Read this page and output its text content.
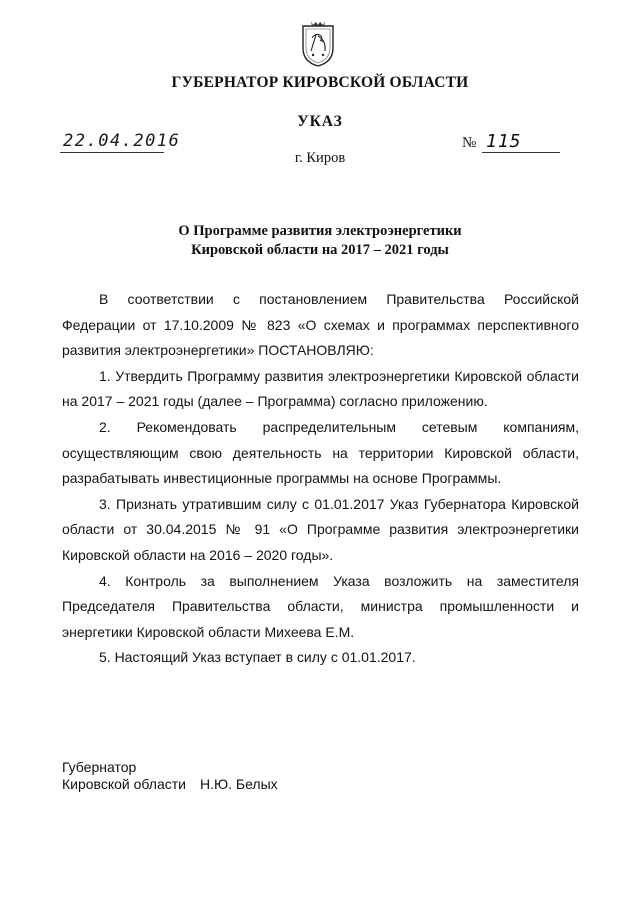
ГУБЕРНАТОР КИРОВСКОЙ ОБЛАСТИ
УКАЗ
22.04.2016	№ 115
г. Киров
О Программе развития электроэнергетики
Кировской области на 2017 – 2021 годы

В соответствии с постановлением Правительства Российской Федерации от 17.10.2009 № 823 «О схемах и программах перспективного развития электроэнергетики» ПОСТАНОВЛЯЮ:

1. Утвердить Программу развития электроэнергетики Кировской области на 2017 – 2021 годы (далее – Программа) согласно приложению.

2. Рекомендовать распределительным сетевым компаниям, осуществляющим свою деятельность на территории Кировской области, разрабатывать инвестиционные программы на основе Программы.

3. Признать утратившим силу с 01.01.2017 Указ Губернатора Кировской области от 30.04.2015 № 91 «О Программе развития электроэнергетики Кировской области на 2016 – 2020 годы».

4. Контроль за выполнением Указа возложить на заместителя Председателя Правительства области, министра промышленности и энергетики Кировской области Михеева Е.М.

5. Настоящий Указ вступает в силу с 01.01.2017.

Губернатор
Кировской области Н.Ю. Белых
